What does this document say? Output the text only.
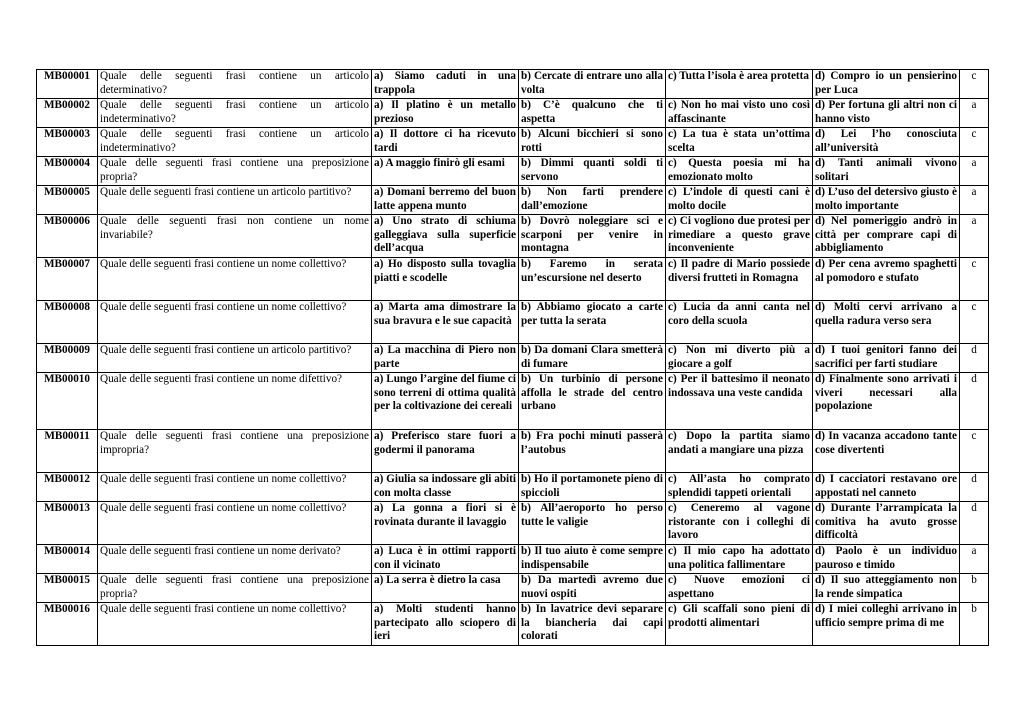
MB00001	Quale delle seguenti frasi contiene un articolo determinativo?	a) Siamo caduti in una trappola	b) Cercate di entrare uno alla volta	c) Tutta l’isola è area protetta	d) Compro io un pensierino per Luca	c
MB00002	Quale delle seguenti frasi contiene un articolo indeterminativo?	a) Il platino è un metallo prezioso	b) C’è qualcuno che ti aspetta	c) Non ho mai visto uno così affascinante	d) Per fortuna gli altri non ci hanno visto	a
MB00003	Quale delle seguenti frasi contiene un articolo indeterminativo?	a) Il dottore ci ha ricevuto tardi	b) Alcuni bicchieri si sono rotti	c) La tua è stata un’ottima scelta	d) Lei l’ho conosciuta all’università	c
MB00004	Quale delle seguenti frasi contiene una preposizione propria?	a) A maggio finirò gli esami	b) Dimmi quanti soldi ti servono	c) Questa poesia mi ha emozionato molto	d) Tanti animali vivono solitari	a
MB00005	Quale delle seguenti frasi contiene un articolo partitivo?	a) Domani berremo del buon latte appena munto	b) Non farti prendere dall’emozione	c) L’indole di questi cani è molto docile	d) L’uso del detersivo giusto è molto importante	a
MB00006	Quale delle seguenti frasi non contiene un nome invariabile?	a) Uno strato di schiuma galleggiava sulla superficie dell’acqua	b) Dovrò noleggiare sci e scarponi per venire in montagna	c) Ci vogliono due protesi per rimediare a questo grave inconveniente	d) Nel pomeriggio andrò in città per comprare capi di abbigliamento	a
MB00007	Quale delle seguenti frasi contiene un nome collettivo?	a) Ho disposto sulla tovaglia piatti e scodelle	b) Faremo in serata un’escursione nel deserto	c) Il padre di Mario possiede diversi frutteti in Romagna	d) Per cena avremo spaghetti al pomodoro e stufato	c
MB00008	Quale delle seguenti frasi contiene un nome collettivo?	a) Marta ama dimostrare la sua bravura e le sue capacità	b) Abbiamo giocato a carte per tutta la serata	c) Lucia da anni canta nel coro della scuola	d) Molti cervi arrivano a quella radura verso sera	c
MB00009	Quale delle seguenti frasi contiene un articolo partitivo?	a) La macchina di Piero non parte	b) Da domani Clara smetterà di fumare	c) Non mi diverto più a giocare a golf	d) I tuoi genitori fanno dei sacrifici per farti studiare	d
MB00010	Quale delle seguenti frasi contiene un nome difettivo?	a) Lungo l’argine del fiume ci sono terreni di ottima qualità per la coltivazione dei cereali	b) Un turbinio di persone affolla le strade del centro urbano	c) Per il battesimo il neonato indossava una veste candida	d) Finalmente sono arrivati i viveri necessari alla popolazione	d
MB00011	Quale delle seguenti frasi contiene una preposizione impropria?	a) Preferisco stare fuori a godermi il panorama	b) Fra pochi minuti passerà l’autobus	c) Dopo la partita siamo andati a mangiare una pizza	d) In vacanza accadono tante cose divertenti	c
MB00012	Quale delle seguenti frasi contiene un nome collettivo?	a) Giulia sa indossare gli abiti con molta classe	b) Ho il portamonete pieno di spiccioli	c) All’asta ho comprato splendidi tappeti orientali	d) I cacciatori restavano ore appostati nel canneto	d
MB00013	Quale delle seguenti frasi contiene un nome collettivo?	a) La gonna a fiori si è rovinata durante il lavaggio	b) All’aeroporto ho perso tutte le valigie	c) Ceneremo al vagone ristorante con i colleghi di lavoro	d) Durante l’arrampicata la comitiva ha avuto grosse difficoltà	d
MB00014	Quale delle seguenti frasi contiene un nome derivato?	a) Luca è in ottimi rapporti con il vicinato	b) Il tuo aiuto è come sempre indispensabile	c) Il mio capo ha adottato una politica fallimentare	d) Paolo è un individuo pauroso e timido	a
MB00015	Quale delle seguenti frasi contiene una preposizione propria?	a) La serra è dietro la casa	b) Da martedì avremo due nuovi ospiti	c) Nuove emozioni ci aspettano	d) Il suo atteggiamento non la rende simpatica	b
MB00016	Quale delle seguenti frasi contiene un nome collettivo?	a) Molti studenti hanno partecipato allo sciopero di ieri	b) In lavatrice devi separare la biancheria dai capi colorati	c) Gli scaffali sono pieni di prodotti alimentari	d) I miei colleghi arrivano in ufficio sempre prima di me	b
